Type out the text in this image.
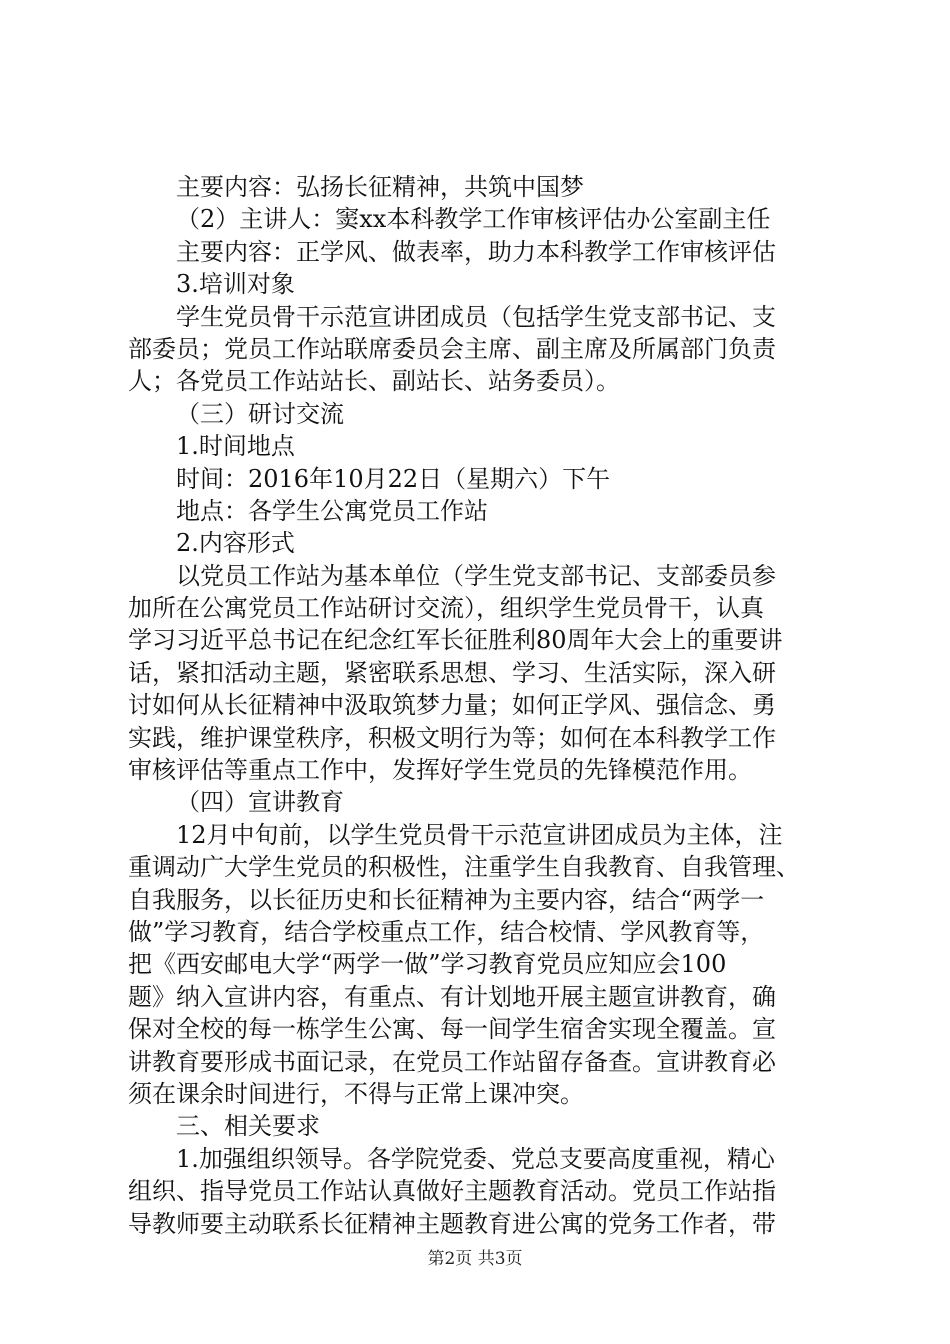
主要内容：弘扬长征精神，共筑中国梦
（2）主讲人：窦xx本科教学工作审核评估办公室副主任
主要内容：正学风、做表率，助力本科教学工作审核评估
3.培训对象
学生党员骨干示范宣讲团成员（包括学生党支部书记、支
部委员；党员工作站联席委员会主席、副主席及所属部门负责
人；各党员工作站站长、副站长、站务委员）。
（三）研讨交流
1.时间地点
时间：2016年10月22日（星期六）下午
地点：各学生公寓党员工作站
2.内容形式
以党员工作站为基本单位（学生党支部书记、支部委员参
加所在公寓党员工作站研讨交流），组织学生党员骨干，认真
学习习近平总书记在纪念红军长征胜利80周年大会上的重要讲
话，紧扣活动主题，紧密联系思想、学习、生活实际，深入研
讨如何从长征精神中汲取筑梦力量；如何正学风、强信念、勇
实践，维护课堂秩序，积极文明行为等；如何在本科教学工作
审核评估等重点工作中，发挥好学生党员的先锋模范作用。
（四）宣讲教育
12月中旬前，以学生党员骨干示范宣讲团成员为主体，注
重调动广大学生党员的积极性，注重学生自我教育、自我管理、
自我服务，以长征历史和长征精神为主要内容，结合“两学一
做”学习教育，结合学校重点工作，结合校情、学风教育等，
把《西安邮电大学“两学一做”学习教育党员应知应会100
题》纳入宣讲内容，有重点、有计划地开展主题宣讲教育，确
保对全校的每一栋学生公寓、每一间学生宿舍实现全覆盖。宣
讲教育要形成书面记录，在党员工作站留存备查。宣讲教育必
须在课余时间进行，不得与正常上课冲突。
三、相关要求
1.加强组织领导。各学院党委、党总支要高度重视，精心
组织、指导党员工作站认真做好主题教育活动。党员工作站指
导教师要主动联系长征精神主题教育进公寓的党务工作者，带
第2页 共3页
